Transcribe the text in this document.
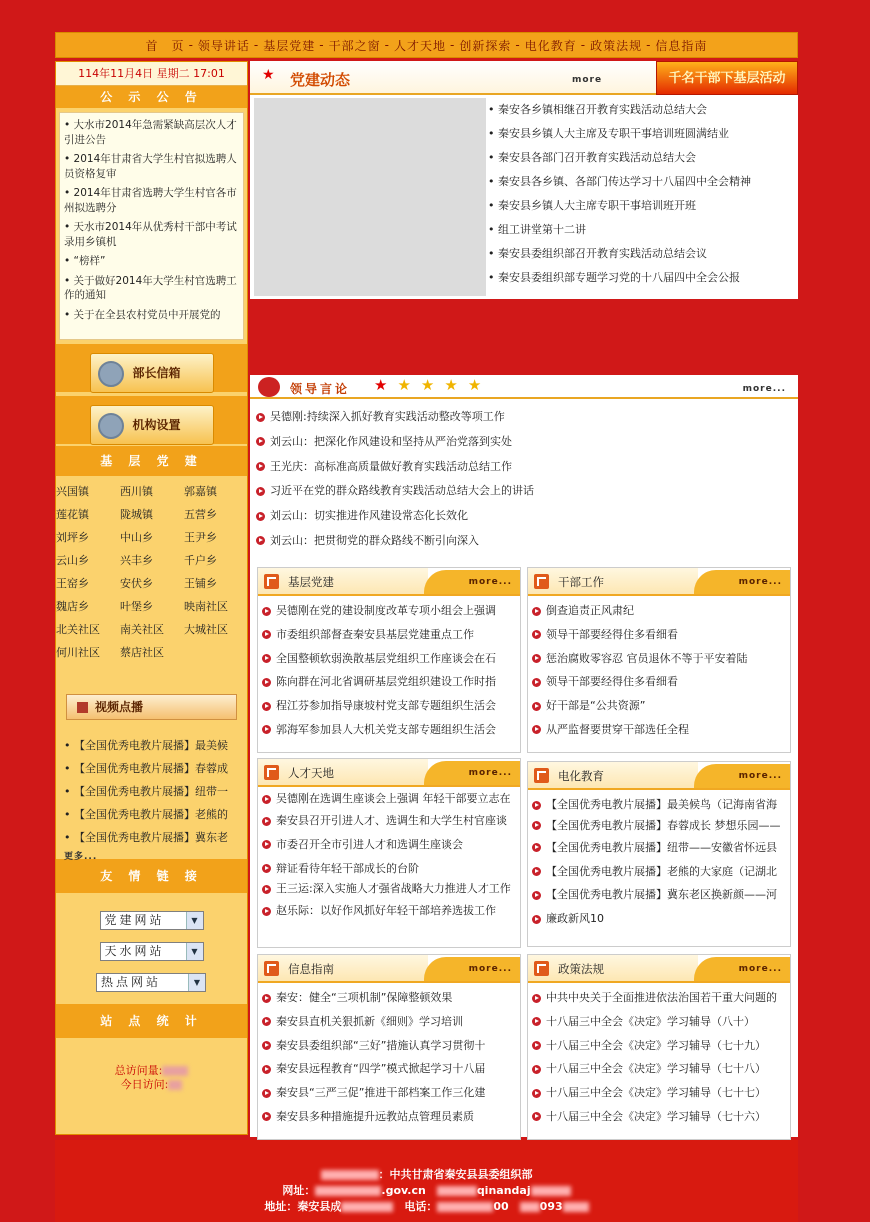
首　页 - 领导讲话 - 基层党建 - 干部之窗 - 人才天地 - 创新探索 - 电化教育 - 政策法规 - 信息指南
114年11月4日 星期二 17:01
公 示 公 告
• 大水市2014年急需紧缺高层次人才引进公告
• 2014年甘肃省大学生村官拟选聘人员资格复审
• 2014年甘肃省选聘大学生村官各市州拟选聘分
• 天水市2014年从优秀村干部中考试录用乡镇机
• “榜样”
• 关于做好2014年大学生村官选聘工作的通知
• 关于在全县农村党员中开展党的
部长信箱
机构设置
基 层 党 建
兴国镇	西川镇	郭嘉镇
莲花镇	陇城镇	五营乡
刘坪乡	中山乡	王尹乡
云山乡	兴丰乡	千户乡
王窑乡	安伏乡	王铺乡
魏店乡	叶堡乡	映南社区
北关社区	南关社区	大城社区
何川社区	蔡店社区
视频点播
• 【全国优秀电教片展播】最美候
• 【全国优秀电教片展播】春蓉成
• 【全国优秀电教片展播】纽带一
• 【全国优秀电教片展播】老熊的
• 【全国优秀电教片展播】冀东老
更多...
友 情 链 接
党建网站	▼
天水网站	▼
热点网站	▼
站 点 统 计
总访问量:
今日访问:
★ 党建动态	more	千名干部下基层活动
• 秦安各乡镇相继召开教育实践活动总结大会
• 秦安县乡镇人大主席及专职干事培训班圆满结业
• 秦安县各部门召开教育实践活动总结大会
• 秦安县各乡镇、各部门传达学习十八届四中全会精神
• 秦安县乡镇人大主席专职干事培训班开班
• 组工讲堂第十二讲
• 秦安县委组织部召开教育实践活动总结会议
• 秦安县委组织部专题学习党的十八届四中全会公报
领导言论 ★ ★ ★ ★ ★	more...
吴德刚:持续深入抓好教育实践活动整改等项工作
刘云山：把深化作风建设和坚持从严治党落到实处
王光庆：高标准高质量做好教育实践活动总结工作
习近平在党的群众路线教育实践活动总结大会上的讲话
刘云山：切实推进作风建设常态化长效化
刘云山：把贯彻党的群众路线不断引向深入
基层党建	more...
吴德刚在党的建设制度改革专项小组会上强调
市委组织部督查秦安县基层党建重点工作
全国整顿软弱涣散基层党组织工作座谈会在石
陈向群在河北省调研基层党组织建设工作时指
程江芬参加指导康坡村党支部专题组织生活会
郭海军参加县人大机关党支部专题组织生活会
干部工作	more...
倒查追责正风肃纪
领导干部要经得住多看细看
惩治腐败零容忍 官员退休不等于平安着陆
领导干部要经得住多看细看
好干部是“公共资源”
从严监督要贯穿干部选任全程
人才天地	more...
吴德刚在选调生座谈会上强调 年轻干部要立志在
秦安县召开引进人才、选调生和大学生村官座谈
市委召开全市引进人才和选调生座谈会
辩证看待年轻干部成长的台阶
王三运:深入实施人才强省战略大力推进人才工作
赵乐际：以好作风抓好年轻干部培养选拔工作
电化教育	more...
【全国优秀电教片展播】最美候鸟（记海南省海
【全国优秀电教片展播】春蓉成长 梦想乐园——
【全国优秀电教片展播】纽带——安徽省怀远县
【全国优秀电教片展播】老熊的大家庭（记湖北
【全国优秀电教片展播】冀东老区换新颜——河
廉政新风10
信息指南	more...
秦安：健全“三项机制”保障整顿效果
秦安县直机关狠抓新《细则》学习培训
秦安县委组织部“三好”措施认真学习贯彻十
秦安县远程教育“四学”模式掀起学习十八届
秦安县“三严三促”推进干部档案工作三化建
秦安县多种措施提升远教站点管理员素质
政策法规	more...
中共中央关于全面推进依法治国若干重大问题的
十八届三中全会《决定》学习辅导（八十）
十八届三中全会《决定》学习辅导（七十九）
十八届三中全会《决定》学习辅导（七十八）
十八届三中全会《决定》学习辅导（七十七）
十八届三中全会《决定》学习辅导（七十六）
：中共甘肃省秦安县县委组织部
网址：	.gov.cn　	qinandaj
地址：秦安县成　	电话：	00　	093
